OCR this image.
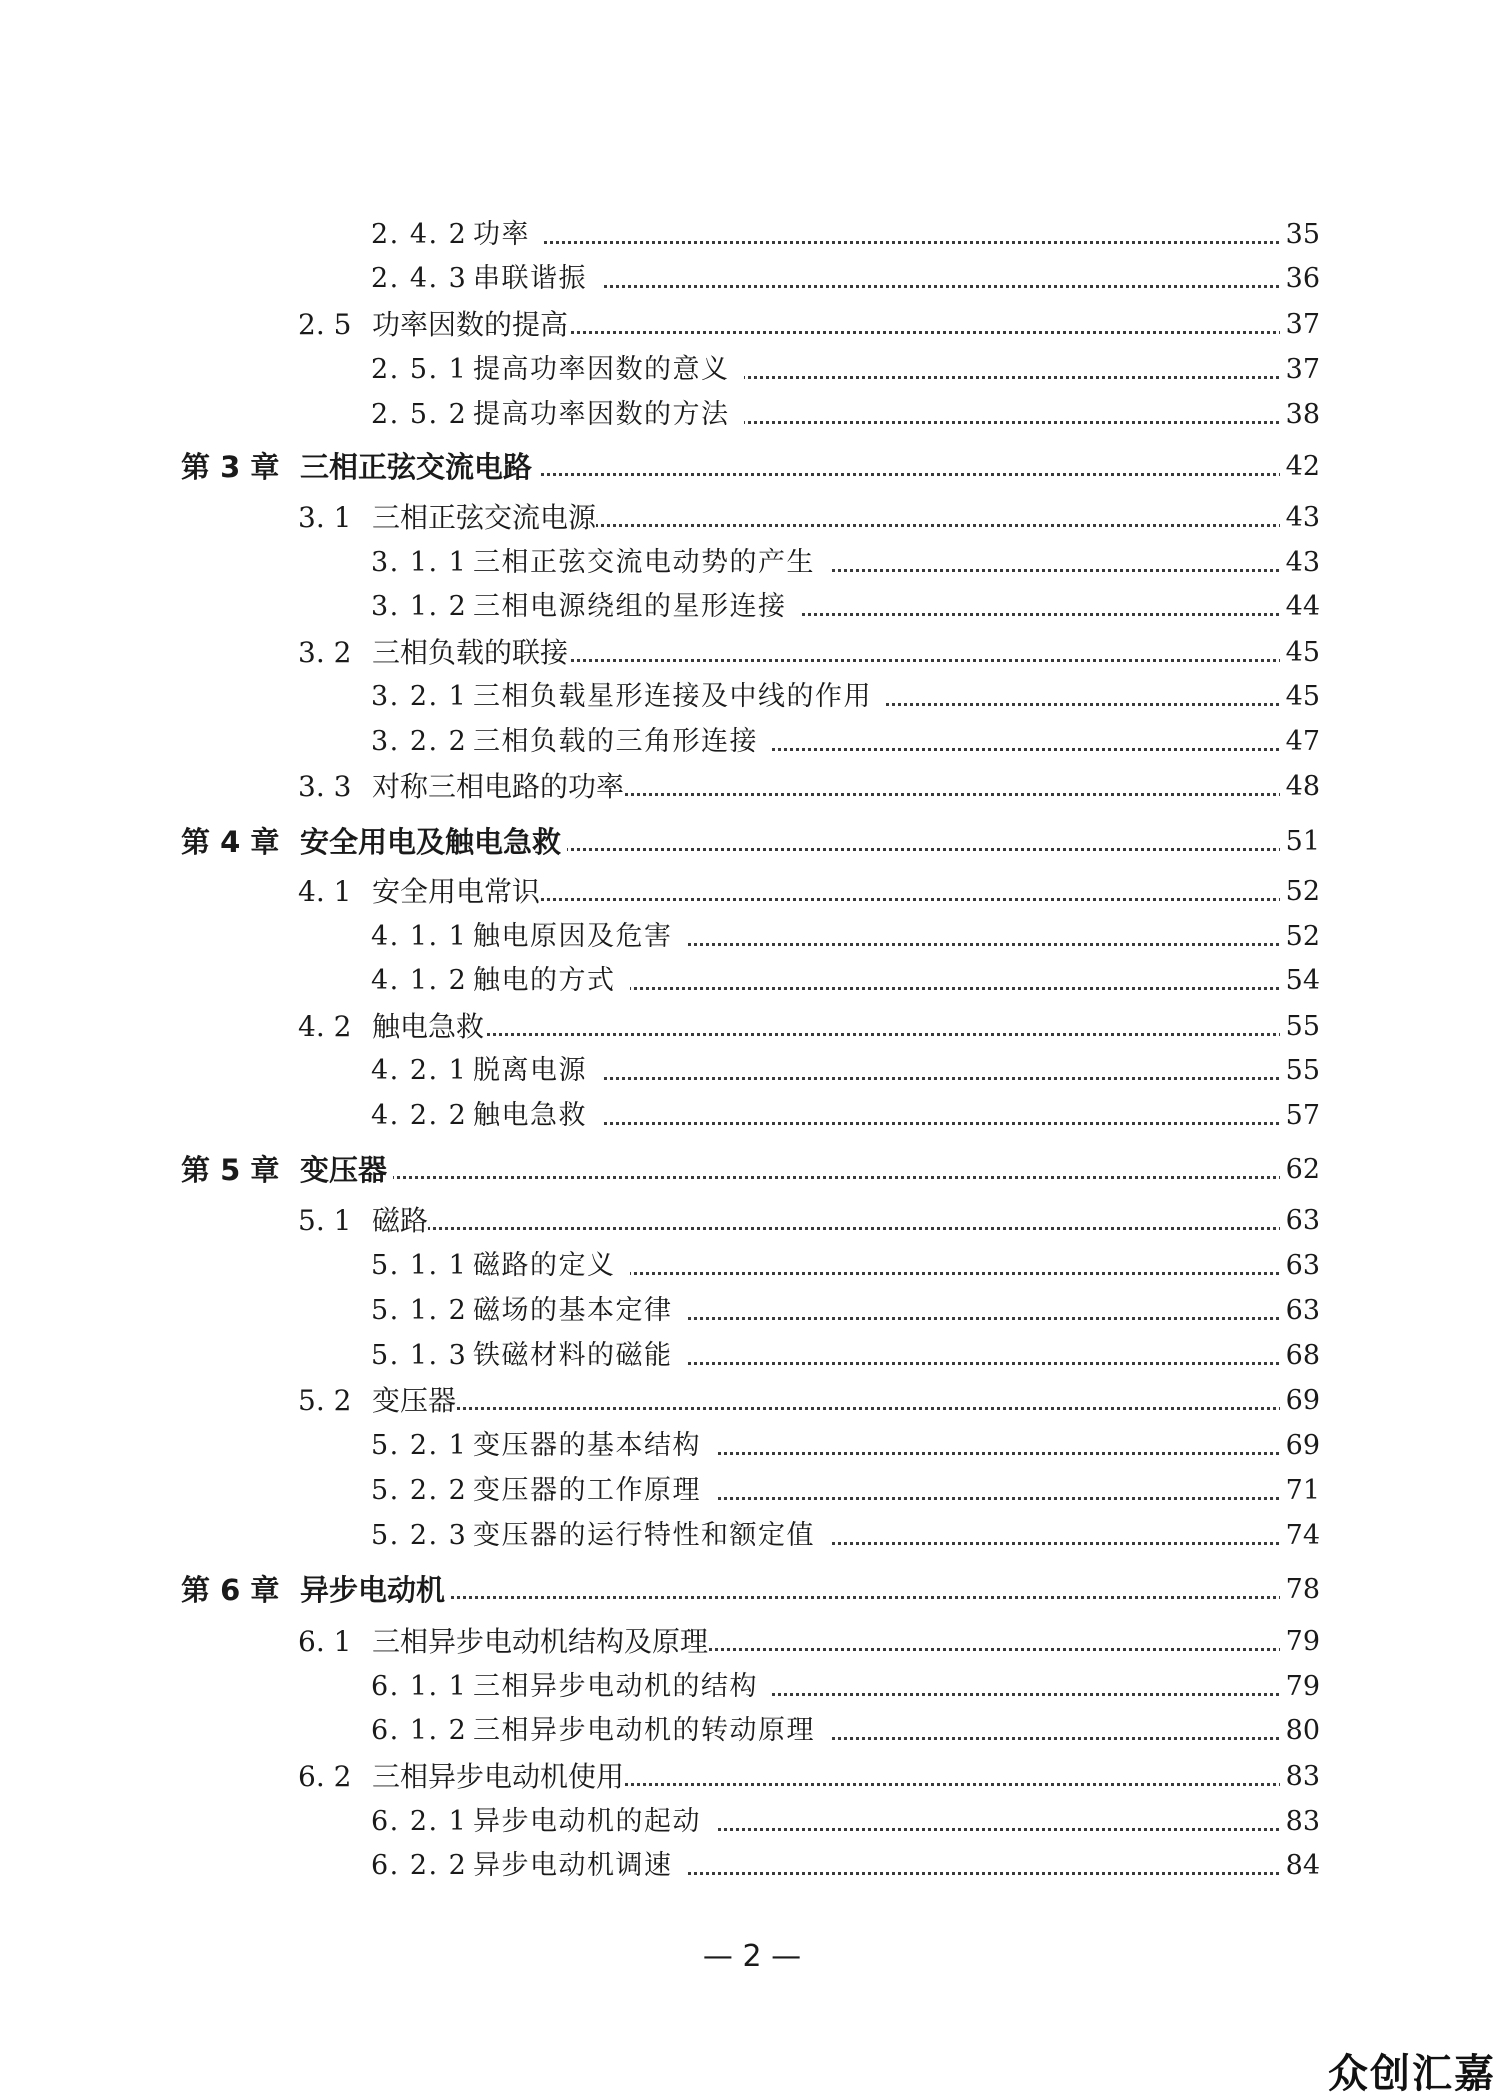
2. 4. 2 功率	35
2. 4. 3 串联谐振	36
2. 5 功率因数的提高	37
2. 5. 1 提高功率因数的意义	37
2. 5. 2 提高功率因数的方法	38
第 3 章 三相正弦交流电路	42
3. 1 三相正弦交流电源	43
3. 1. 1 三相正弦交流电动势的产生	43
3. 1. 2 三相电源绕组的星形连接	44
3. 2 三相负载的联接	45
3. 2. 1 三相负载星形连接及中线的作用	45
3. 2. 2 三相负载的三角形连接	47
3. 3 对称三相电路的功率	48
第 4 章 安全用电及触电急救	51
4. 1 安全用电常识	52
4. 1. 1 触电原因及危害	52
4. 1. 2 触电的方式	54
4. 2 触电急救	55
4. 2. 1 脱离电源	55
4. 2. 2 触电急救	57
第 5 章 变压器	62
5. 1 磁路	63
5. 1. 1 磁路的定义	63
5. 1. 2 磁场的基本定律	63
5. 1. 3 铁磁材料的磁能	68
5. 2 变压器	69
5. 2. 1 变压器的基本结构	69
5. 2. 2 变压器的工作原理	71
5. 2. 3 变压器的运行特性和额定值	74
第 6 章 异步电动机	78
6. 1 三相异步电动机结构及原理	79
6. 1. 1 三相异步电动机的结构	79
6. 1. 2 三相异步电动机的转动原理	80
6. 2 三相异步电动机使用	83
6. 2. 1 异步电动机的起动	83
6. 2. 2 异步电动机调速	84
— 2 —
众创汇嘉
